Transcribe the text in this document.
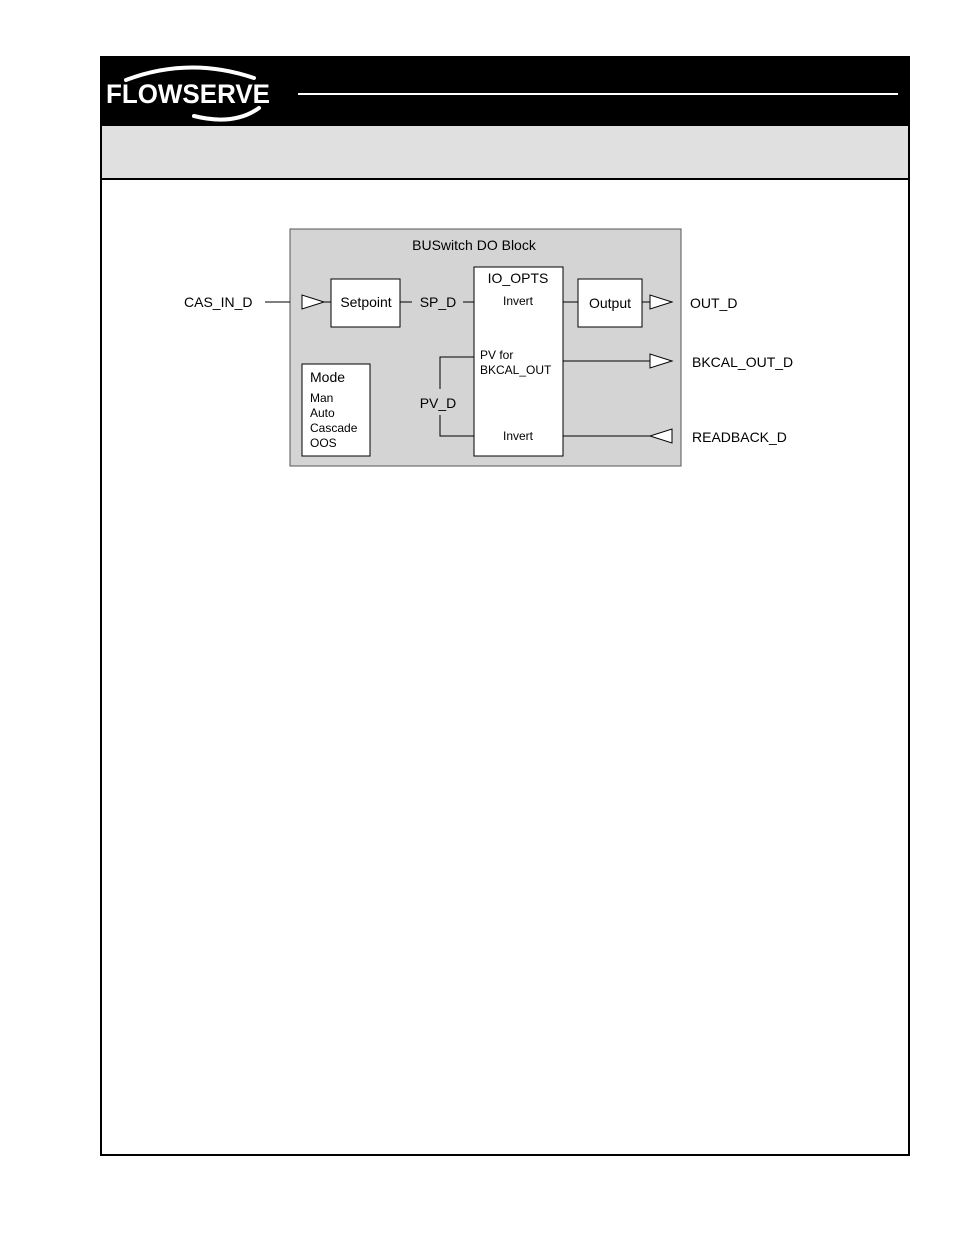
FLOWSERVE
BUSwitch DO Block
CAS_IN_D	Setpoint SP_D
IO_OPTS
Invert
PV for
BKCAL_OUT
Invert
Output	OUT_D
BKCAL_OUT_D
READBACK_D
PV_D
Mode
Man
Auto
Cascade
OOS
